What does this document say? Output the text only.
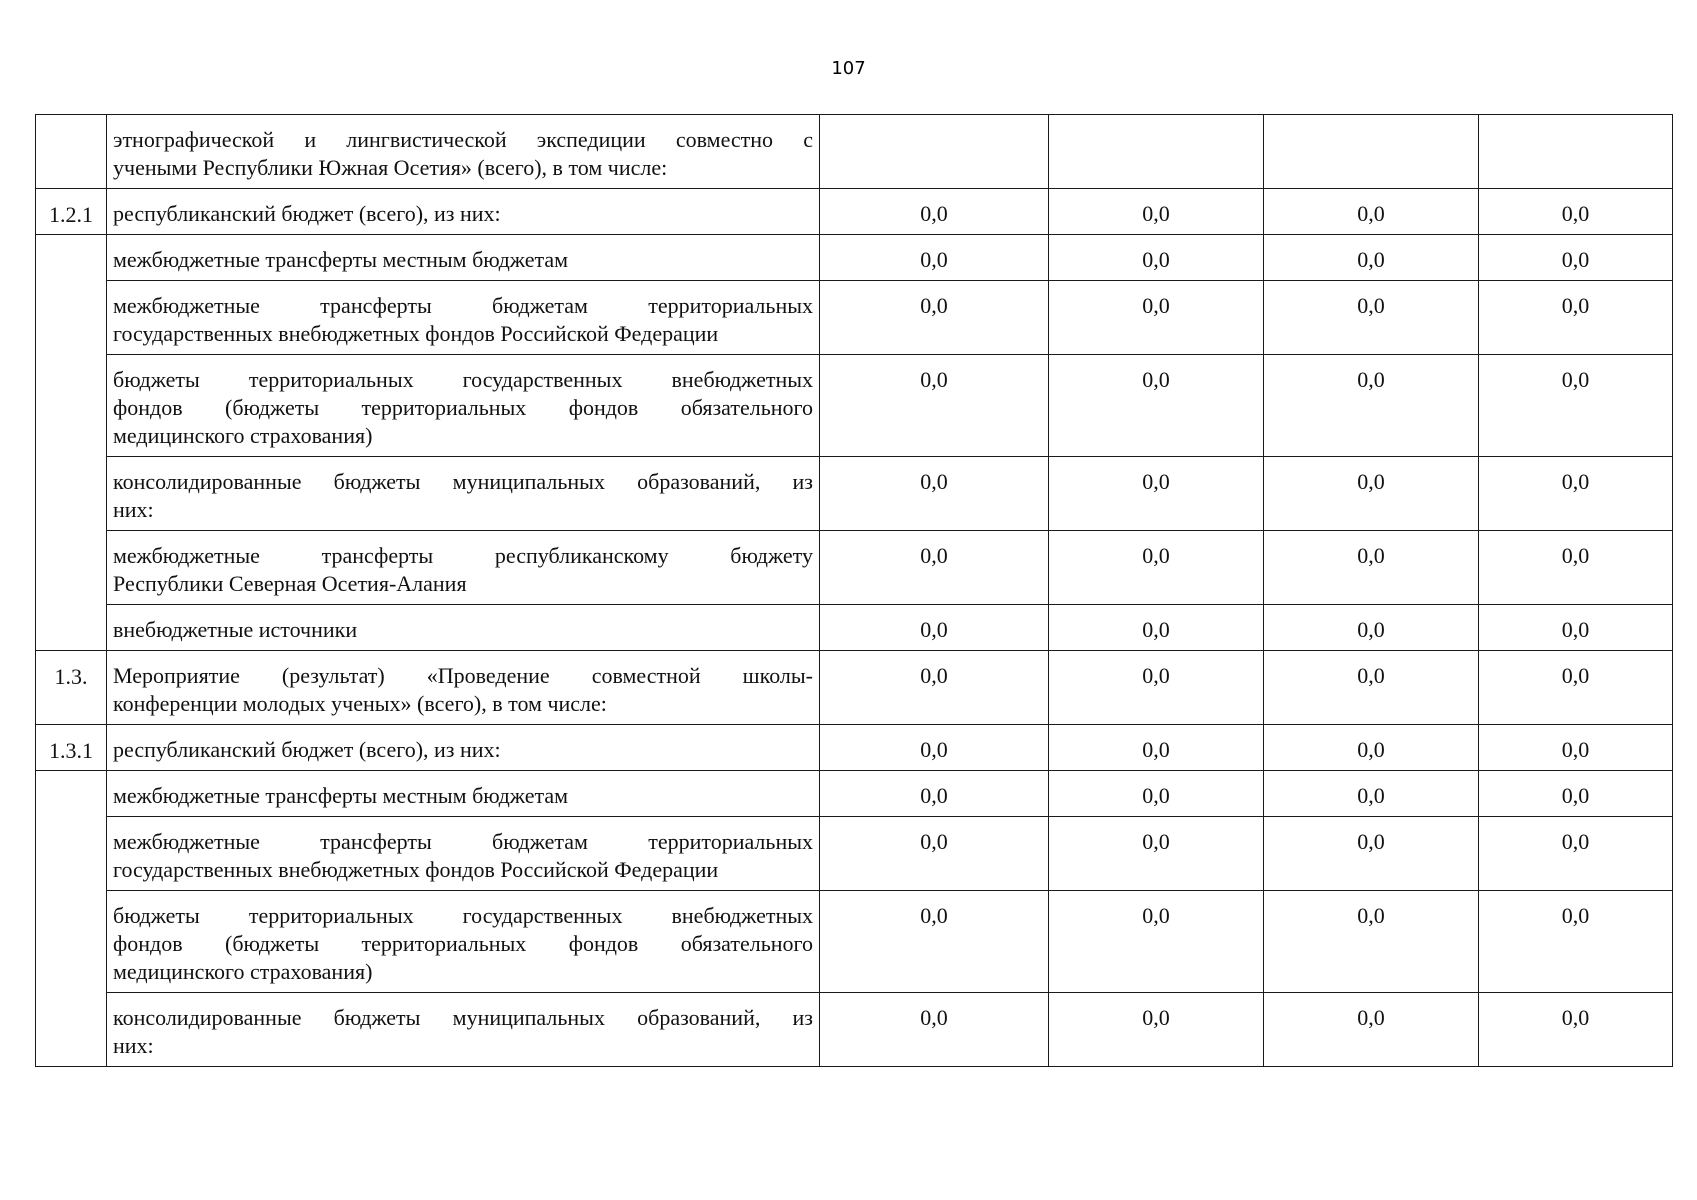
107

	этнографической и лингвистической экспедиции совместно с
учеными Республики Южная Осетия» (всего), в том числе:				

1.2.1	республиканский бюджет (всего), из них:	0,0	0,0	0,0	0,0

	межбюджетные трансферты местным бюджетам	0,0	0,0	0,0	0,0

	межбюджетные трансферты бюджетам территориальных
государственных внебюджетных фондов Российской Федерации	0,0	0,0	0,0	0,0

	бюджеты территориальных государственных внебюджетных
фондов (бюджеты территориальных фондов обязательного
медицинского страхования)	0,0	0,0	0,0	0,0

	консолидированные бюджеты муниципальных образований, из
них:	0,0	0,0	0,0	0,0

	межбюджетные трансферты республиканскому бюджету
Республики Северная Осетия-Алания	0,0	0,0	0,0	0,0

	внебюджетные источники	0,0	0,0	0,0	0,0
1.3.	Мероприятие (результат) «Проведение совместной школы-
конференции молодых ученых» (всего), в том числе:	0,0	0,0	0,0	0,0
1.3.1	республиканский бюджет (всего), из них:	0,0	0,0	0,0	0,0

	межбюджетные трансферты местным бюджетам	0,0	0,0	0,0	0,0

	межбюджетные трансферты бюджетам территориальных
государственных внебюджетных фондов Российской Федерации	0,0	0,0	0,0	0,0

	бюджеты территориальных государственных внебюджетных
фондов (бюджеты территориальных фондов обязательного
медицинского страхования)	0,0	0,0	0,0	0,0

	консолидированные бюджеты муниципальных образований, из
них:	0,0	0,0	0,0	0,0
